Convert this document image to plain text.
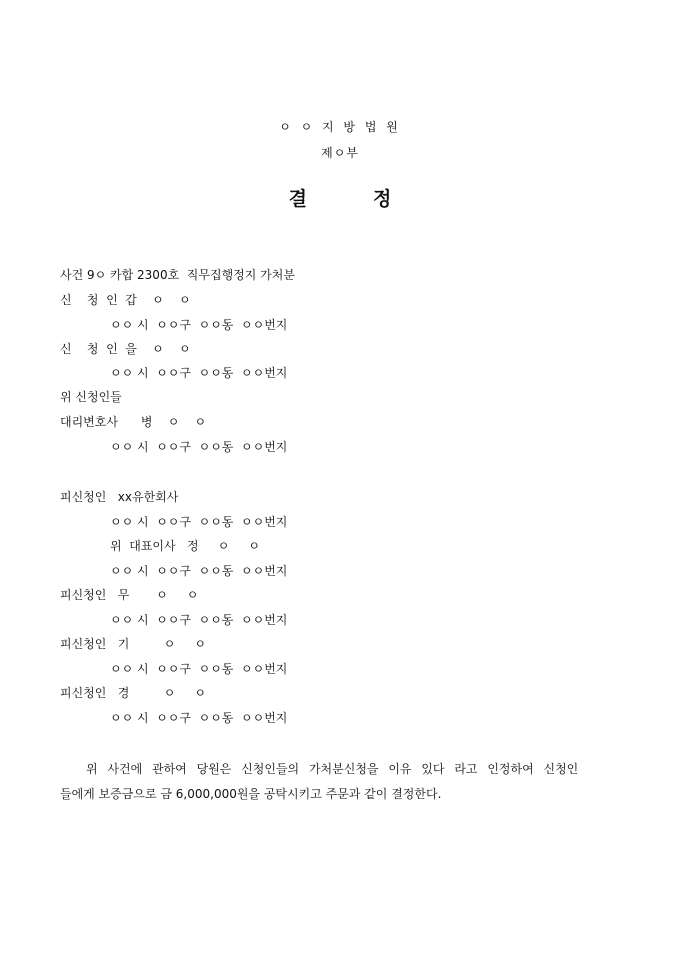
ㅇ ㅇ 지 방 법 원
제ㅇ부
결	정
사건 9ㅇ 카합 2300호  직무집행정지 가처분
신    청  인  갑    ㅇ    ㅇ
ㅇㅇ 시  ㅇㅇ구  ㅇㅇ동  ㅇㅇ번지
신    청  인  을    ㅇ    ㅇ
ㅇㅇ 시  ㅇㅇ구  ㅇㅇ동  ㅇㅇ번지
위 신청인들
대리변호사      병    ㅇ    ㅇ
ㅇㅇ 시  ㅇㅇ구  ㅇㅇ동  ㅇㅇ번지
피신청인   xx유한회사
ㅇㅇ 시  ㅇㅇ구  ㅇㅇ동  ㅇㅇ번지
위  대표이사   정     ㅇ     ㅇ
ㅇㅇ 시  ㅇㅇ구  ㅇㅇ동  ㅇㅇ번지
피신청인   무       ㅇ     ㅇ
ㅇㅇ 시  ㅇㅇ구  ㅇㅇ동  ㅇㅇ번지
피신청인   기         ㅇ     ㅇ
ㅇㅇ 시  ㅇㅇ구  ㅇㅇ동  ㅇㅇ번지
피신청인   경         ㅇ     ㅇ
ㅇㅇ 시  ㅇㅇ구  ㅇㅇ동  ㅇㅇ번지
위 사건에 관하여 당원은 신청인들의 가처분신청을 이유 있다 라고 인정하여 신청인
들에게 보증금으로 금 6,000,000원을 공탁시키고 주문과 같이 결정한다.
